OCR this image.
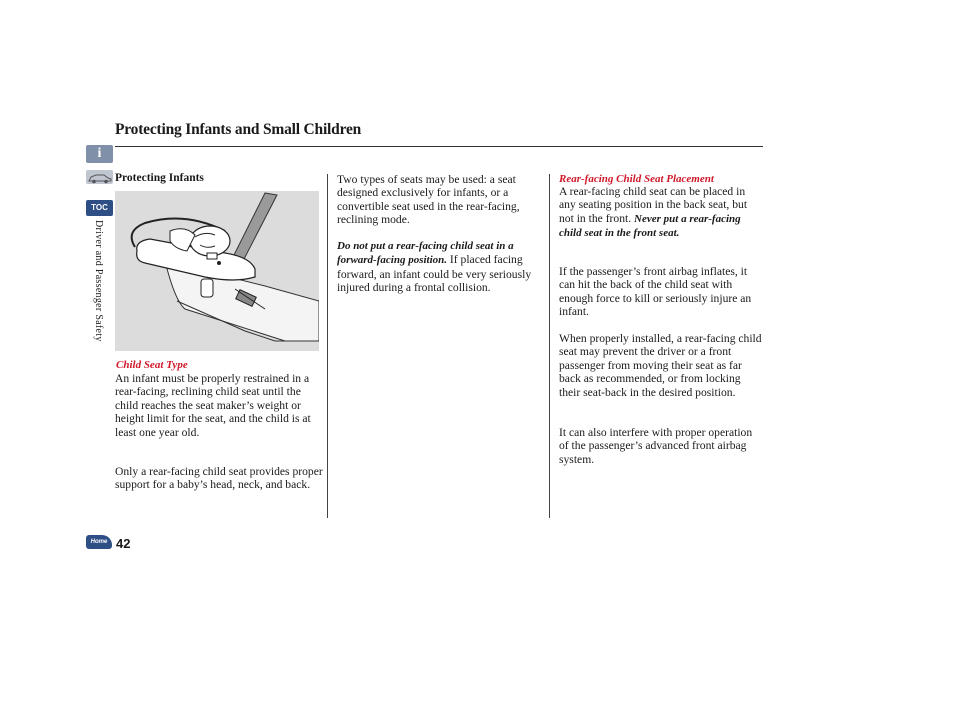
Protecting Infants and Small Children
i
TOC
Driver and Passenger Safety
Protecting Infants
Child Seat Type
An infant must be properly restrained in a rear-facing, reclining child seat until the child reaches the seat maker’s weight or height limit for the seat, and the child is at least one year old.
Only a rear-facing child seat provides proper support for a baby’s head, neck, and back.
Two types of seats may be used: a seat designed exclusively for infants, or a convertible seat used in the rear-facing, reclining mode.
Do not put a rear-facing child seat in a forward-facing position. If placed facing forward, an infant could be very seriously injured during a frontal collision.
Rear-facing Child Seat Placement
A rear-facing child seat can be placed in any seating position in the back seat, but not in the front. Never put a rear-facing child seat in the front seat.
If the passenger’s front airbag inflates, it can hit the back of the child seat with enough force to kill or seriously injure an infant.
When properly installed, a rear-facing child seat may prevent the driver or a front passenger from moving their seat as far back as recommended, or from locking their seat-back in the desired position.
It can also interfere with proper operation of the passenger’s advanced front airbag system.
Home 42
